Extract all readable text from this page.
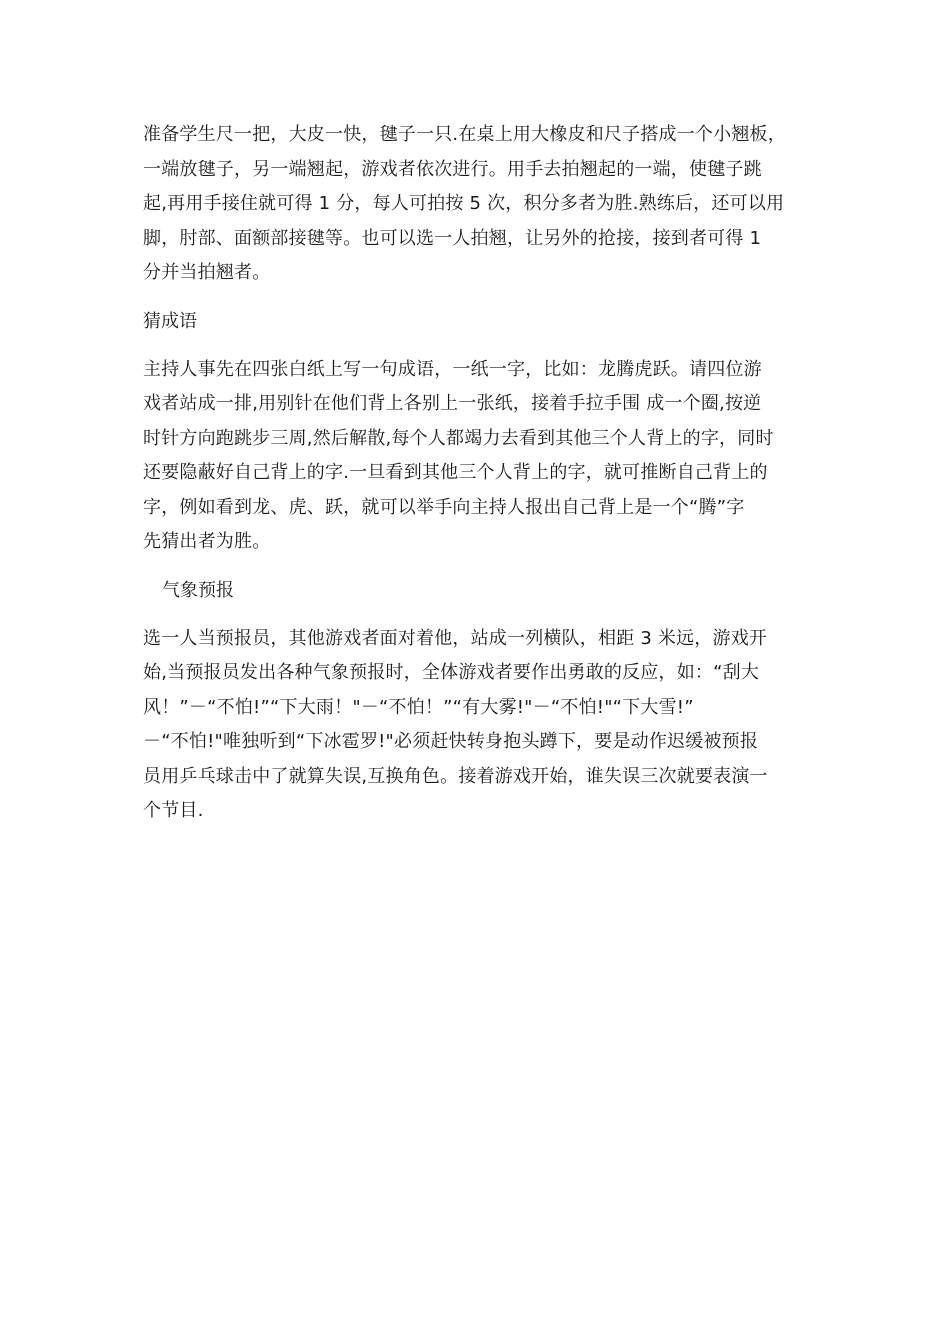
准备学生尺一把，大皮一快，毽子一只.在桌上用大橡皮和尺子搭成一个小翘板，
一端放毽子，另一端翘起，游戏者依次进行。用手去拍翘起的一端，使毽子跳
起,再用手接住就可得 1 分，每人可拍按 5 次，积分多者为胜.熟练后，还可以用
脚，肘部、面额部接毽等。也可以选一人拍翘，让另外的抢接，接到者可得 1
分并当拍翘者。
猜成语
主持人事先在四张白纸上写一句成语，一纸一字，比如：龙腾虎跃。请四位游
戏者站成一排,用别针在他们背上各别上一张纸，接着手拉手围 成一个圈,按逆
时针方向跑跳步三周,然后解散,每个人都竭力去看到其他三个人背上的字，同时
还要隐蔽好自己背上的字.一旦看到其他三个人背上的字，就可推断自己背上的
字，例如看到龙、虎、跃，就可以举手向主持人报出自己背上是一个“腾”字
先猜出者为胜。
气象预报
选一人当预报员，其他游戏者面对着他，站成一列横队，相距 3 米远，游戏开
始,当预报员发出各种气象预报时，全体游戏者要作出勇敢的反应，如：“刮大
风！”－“不怕!”“下大雨！"－“不怕！”“有大雾!"－“不怕!"“下大雪!”
－“不怕!"唯独听到“下冰雹罗!"必须赶快转身抱头蹲下，要是动作迟缓被预报
员用乒乓球击中了就算失误,互换角色。接着游戏开始，谁失误三次就要表演一
个节目.
